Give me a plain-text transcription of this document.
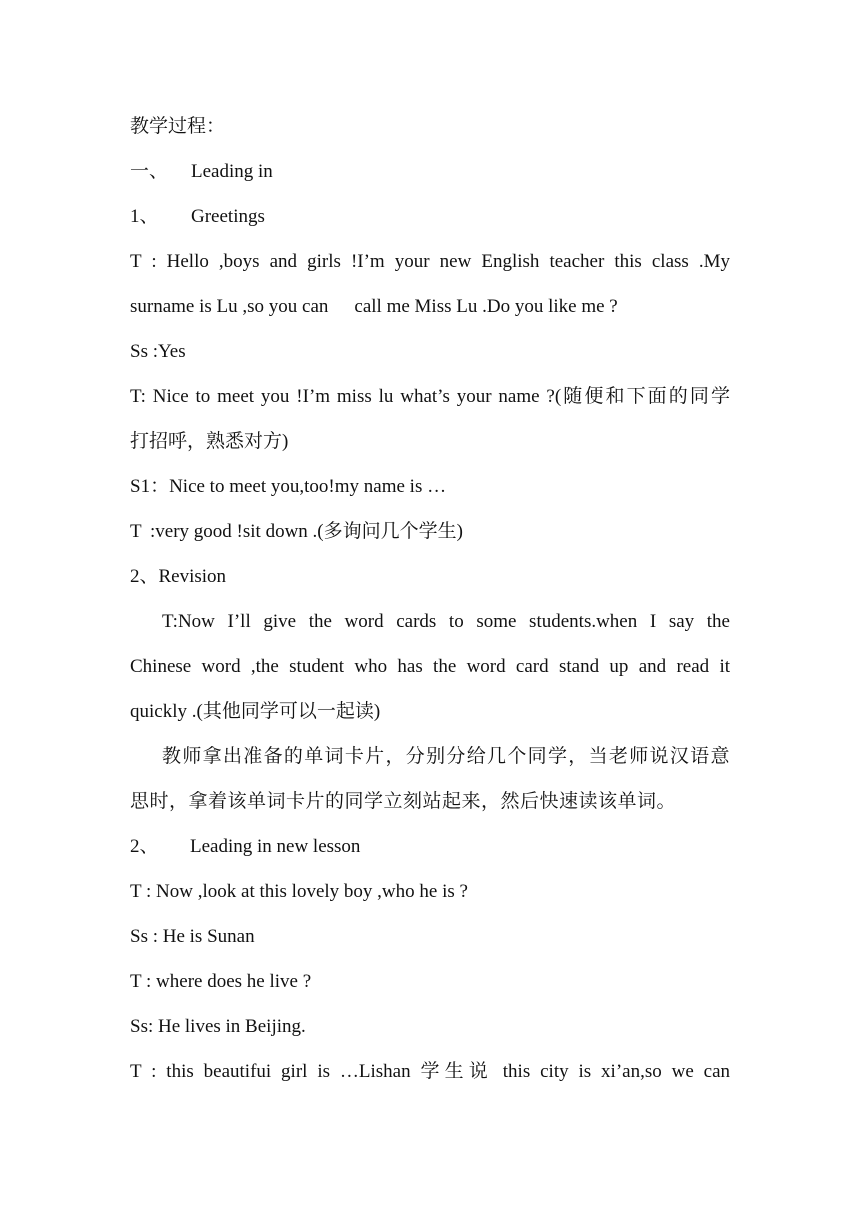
教学过程：
一、 Leading in
1、 Greetings
T : Hello ,boys and girls !I’m your new English teacher this class .My
surname is Lu ,so you can call me Miss Lu .Do you like me ?
Ss :Yes
T: Nice to meet you !I’m miss lu what’s your name ?(随便和下面的同学
打招呼，熟悉对方)
S1：Nice to meet you,too!my name is …
T :very good !sit down .(多询问几个学生)
2、Revision
T:Now I’ll give the word cards to some students.when I say the
Chinese word ,the student who has the word card stand up and read it
quickly .(其他同学可以一起读)
教师拿出准备的单词卡片，分别分给几个同学，当老师说汉语意
思时，拿着该单词卡片的同学立刻站起来，然后快速读该单词。
2、 Leading in new lesson
T : Now ,look at this lovely boy ,who he is ?
Ss : He is Sunan
T : where does he live ?
Ss: He lives in Beijing.
T : this beautifui girl is …Lishan 学生说 this city is xi’an,so we can
